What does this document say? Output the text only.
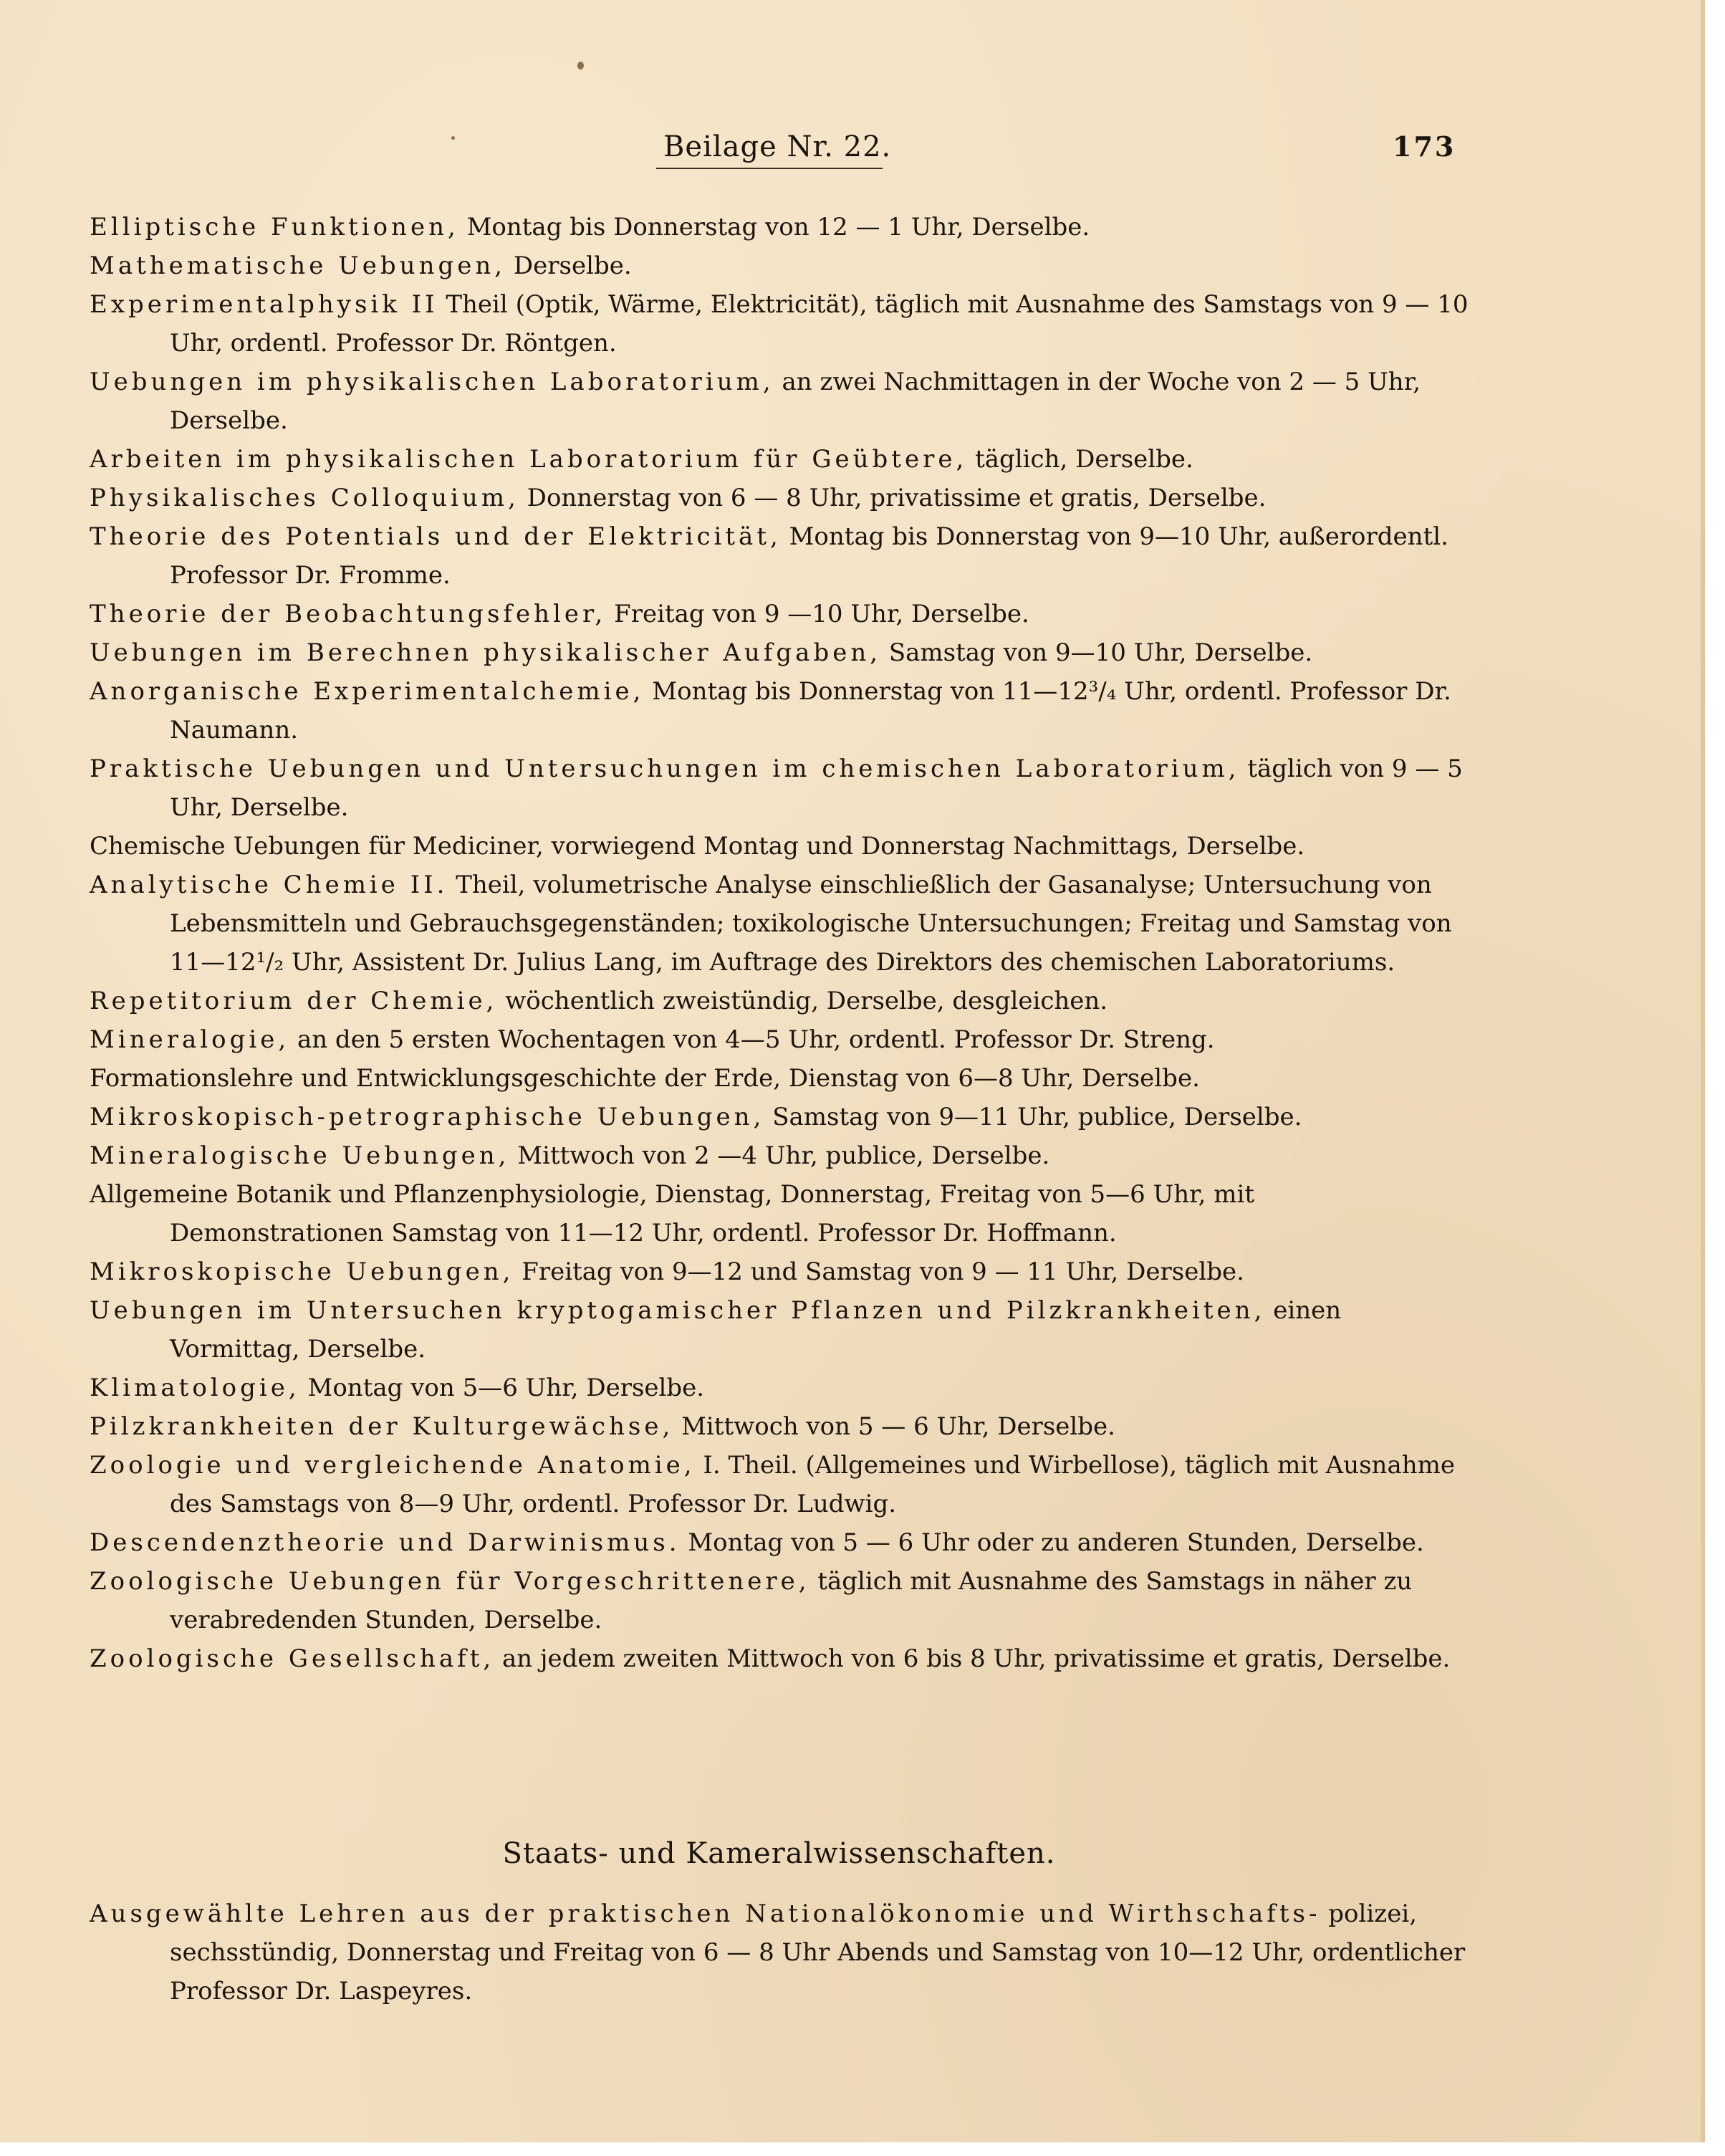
Beilage Nr. 22.	173

Elliptische Funktionen, Montag bis Donnerstag von 12 — 1 Uhr, Derselbe.

Mathematische Uebungen, Derselbe.

Experimentalphysik II Theil (Optik, Wärme, Elektricität), täglich mit Ausnahme des Samstags von 9 — 10 Uhr, ordentl. Professor Dr. Röntgen.

Uebungen im physikalischen Laboratorium, an zwei Nachmittagen in der Woche von 2 — 5 Uhr, Derselbe.

Arbeiten im physikalischen Laboratorium für Geübtere, täglich, Derselbe.

Physikalisches Colloquium, Donnerstag von 6 — 8 Uhr, privatissime et gratis, Derselbe.

Theorie des Potentials und der Elektricität, Montag bis Donnerstag von 9—10 Uhr, außerordentl. Professor Dr. Fromme.

Theorie der Beobachtungsfehler, Freitag von 9 —10 Uhr, Derselbe.

Uebungen im Berechnen physikalischer Aufgaben, Samstag von 9—10 Uhr, Derselbe.

Anorganische Experimentalchemie, Montag bis Donnerstag von 11—12³/₄ Uhr, ordentl. Professor Dr. Naumann.

Praktische Uebungen und Untersuchungen im chemischen Laboratorium, täglich von 9 — 5 Uhr, Derselbe.

Chemische Uebungen für Mediciner, vorwiegend Montag und Donnerstag Nachmittags, Derselbe.

Analytische Chemie II. Theil, volumetrische Analyse einschließlich der Gasanalyse; Untersuchung von Lebensmitteln und Gebrauchsgegenständen; toxikologische Untersuchungen; Freitag und Samstag von 11—12¹/₂ Uhr, Assistent Dr. Julius Lang, im Auftrage des Direktors des chemischen Laboratoriums.

Repetitorium der Chemie, wöchentlich zweistündig, Derselbe, desgleichen.

Mineralogie, an den 5 ersten Wochentagen von 4—5 Uhr, ordentl. Professor Dr. Streng.

Formationslehre und Entwicklungsgeschichte der Erde, Dienstag von 6—8 Uhr, Derselbe.

Mikroskopisch-petrographische Uebungen, Samstag von 9—11 Uhr, publice, Derselbe.

Mineralogische Uebungen, Mittwoch von 2 —4 Uhr, publice, Derselbe.

Allgemeine Botanik und Pflanzenphysiologie, Dienstag, Donnerstag, Freitag von 5—6 Uhr, mit Demonstrationen Samstag von 11—12 Uhr, ordentl. Professor Dr. Hoffmann.

Mikroskopische Uebungen, Freitag von 9—12 und Samstag von 9 — 11 Uhr, Derselbe.

Uebungen im Untersuchen kryptogamischer Pflanzen und Pilzkrankheiten, einen Vormittag, Derselbe.

Klimatologie, Montag von 5—6 Uhr, Derselbe.

Pilzkrankheiten der Kulturgewächse, Mittwoch von 5 — 6 Uhr, Derselbe.

Zoologie und vergleichende Anatomie, I. Theil. (Allgemeines und Wirbellose), täglich mit Ausnahme des Samstags von 8—9 Uhr, ordentl. Professor Dr. Ludwig.

Descendenztheorie und Darwinismus. Montag von 5 — 6 Uhr oder zu anderen Stunden, Derselbe.

Zoologische Uebungen für Vorgeschrittenere, täglich mit Ausnahme des Samstags in näher zu verabredenden Stunden, Derselbe.

Zoologische Gesellschaft, an jedem zweiten Mittwoch von 6 bis 8 Uhr, privatissime et gratis, Derselbe.

Staats- und Kameralwissenschaften.

Ausgewählte Lehren aus der praktischen Nationalökonomie und Wirthschafts- polizei, sechsstündig, Donnerstag und Freitag von 6 — 8 Uhr Abends und Samstag von 10—12 Uhr, ordentlicher Professor Dr. Laspeyres.
